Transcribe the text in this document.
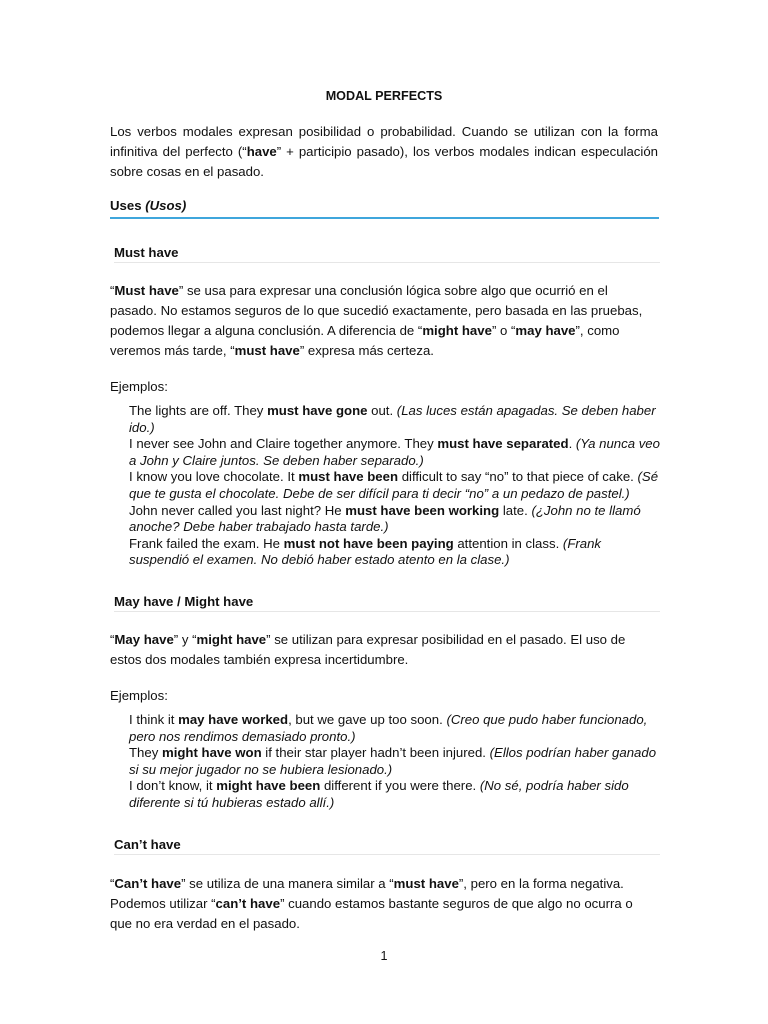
MODAL PERFECTS
Los verbos modales expresan posibilidad o probabilidad. Cuando se utilizan con la forma infinitiva del perfecto (“have” + participio pasado), los verbos modales indican especulación sobre cosas en el pasado.
Uses (Usos)
Must have
“Must have” se usa para expresar una conclusión lógica sobre algo que ocurrió en el pasado. No estamos seguros de lo que sucedió exactamente, pero basada en las pruebas, podemos llegar a alguna conclusión. A diferencia de “might have” o “may have”, como veremos más tarde, “must have” expresa más certeza.
Ejemplos:

The lights are off. They must have gone out. (Las luces están apagadas. Se deben haber ido.)

I never see John and Claire together anymore. They must have separated. (Ya nunca veo a John y Claire juntos. Se deben haber separado.)

I know you love chocolate. It must have been difficult to say “no” to that piece of cake. (Sé que te gusta el chocolate. Debe de ser difícil para ti decir “no” a un pedazo de pastel.)

John never called you last night? He must have been working late. (¿John no te llamó anoche? Debe haber trabajado hasta tarde.)

Frank failed the exam. He must not have been paying attention in class. (Frank suspendió el examen. No debió haber estado atento en la clase.)

May have / Might have
“May have” y “might have” se utilizan para expresar posibilidad en el pasado. El uso de estos dos modales también expresa incertidumbre.
Ejemplos:

I think it may have worked, but we gave up too soon. (Creo que pudo haber funcionado, pero nos rendimos demasiado pronto.)

They might have won if their star player hadn’t been injured. (Ellos podrían haber ganado si su mejor jugador no se hubiera lesionado.)

I don’t know, it might have been different if you were there. (No sé, podría haber sido diferente si tú hubieras estado allí.)

Can’t have
“Can’t have” se utiliza de una manera similar a “must have”, pero en la forma negativa. Podemos utilizar “can’t have” cuando estamos bastante seguros de que algo no ocurra o que no era verdad en el pasado.
1
